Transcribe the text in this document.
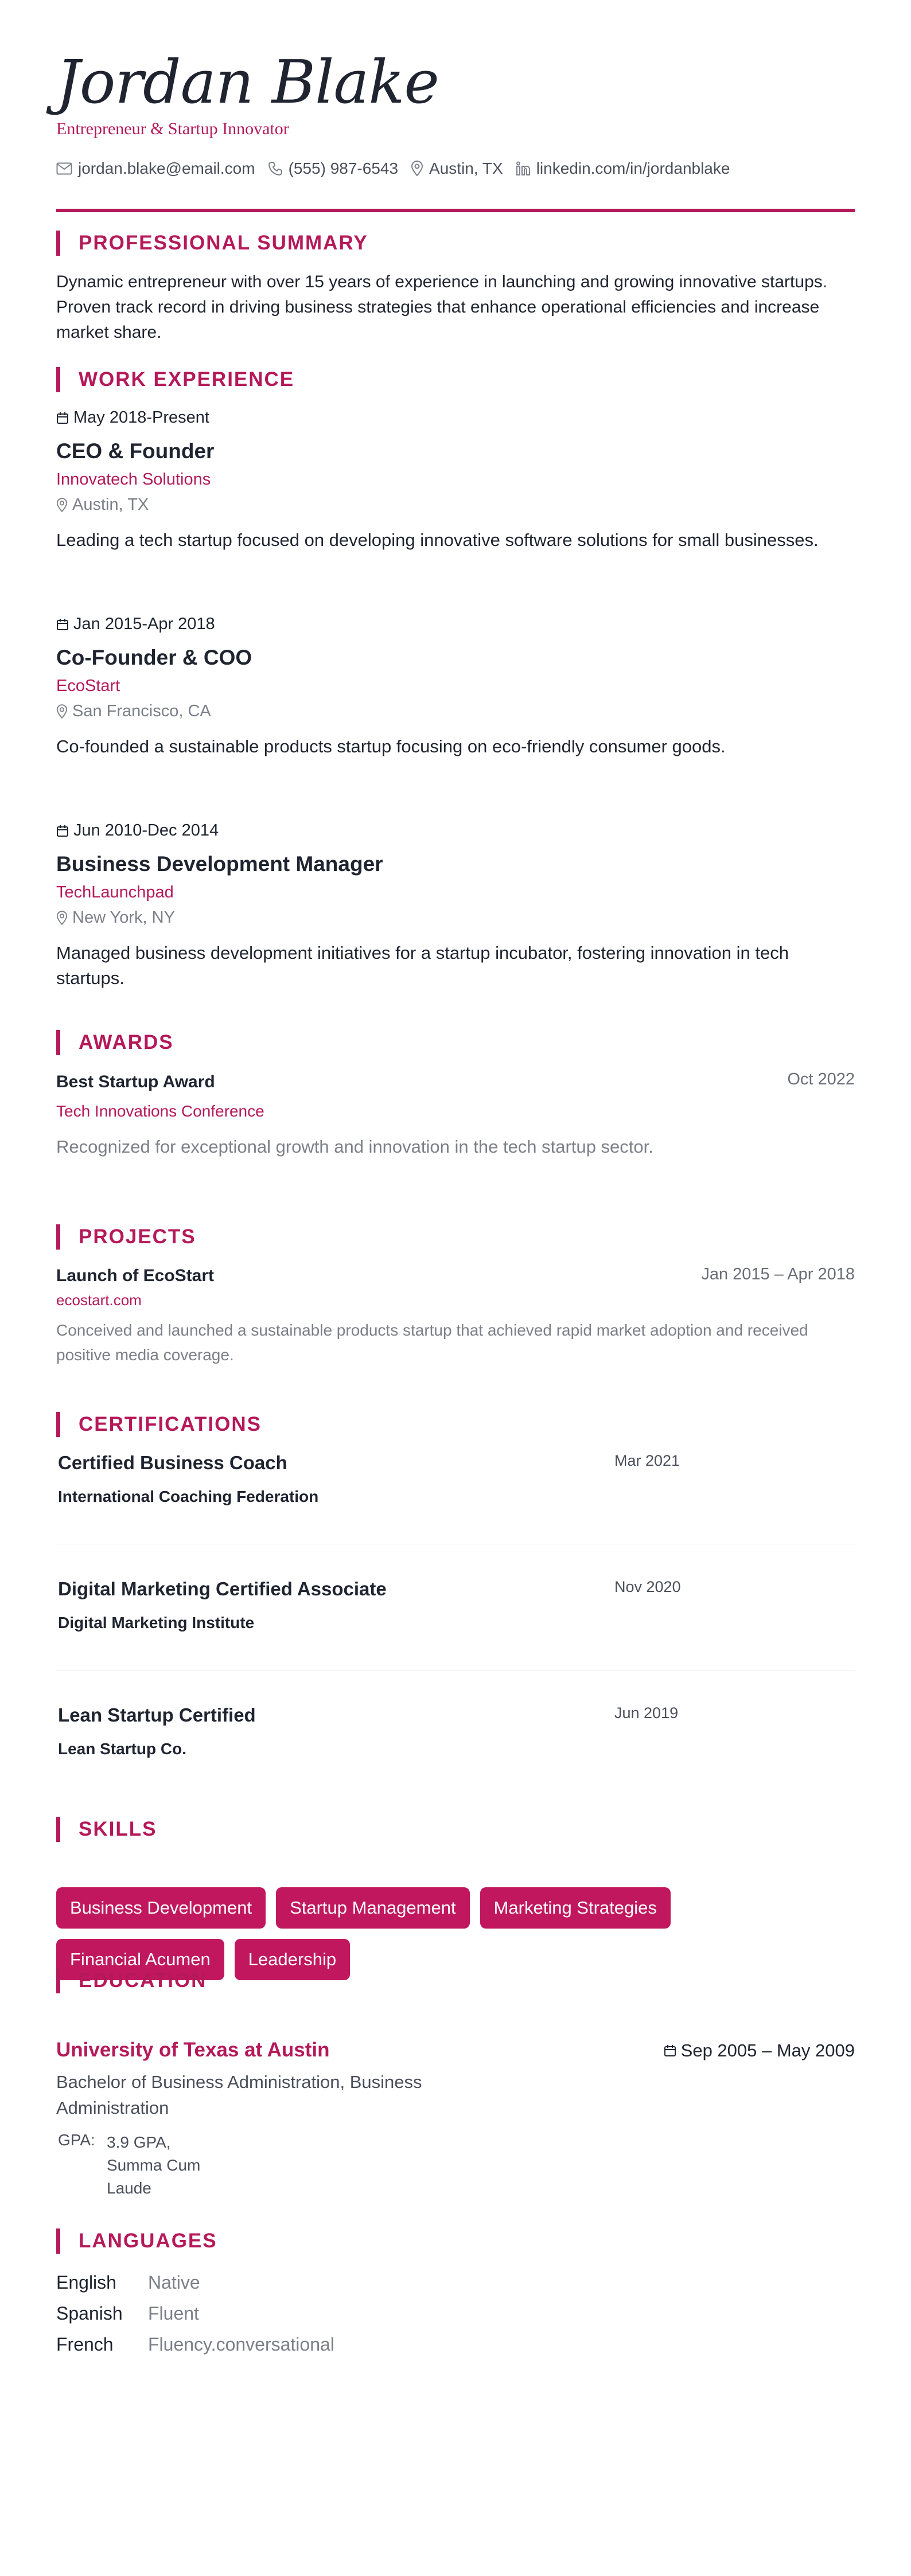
Jordan Blake
Entrepreneur & Startup Innovator
jordan.blake@email.com (555) 987-6543 Austin, TX linkedin.com/in/jordanblake
PROFESSIONAL SUMMARY
Dynamic entrepreneur with over 15 years of experience in launching and growing innovative startups. Proven track record in driving business strategies that enhance operational efficiencies and increase market share.
WORK EXPERIENCE
May 2018-Present
CEO & Founder
Innovatech Solutions
Austin, TX
Leading a tech startup focused on developing innovative software solutions for small businesses.
Jan 2015-Apr 2018
Co-Founder & COO
EcoStart
San Francisco, CA
Co-founded a sustainable products startup focusing on eco-friendly consumer goods.
Jun 2010-Dec 2014
Business Development Manager
TechLaunchpad
New York, NY
Managed business development initiatives for a startup incubator, fostering innovation in tech startups.
AWARDS
Best Startup Award	Oct 2022
Tech Innovations Conference
Recognized for exceptional growth and innovation in the tech startup sector.
PROJECTS
Launch of EcoStart	Jan 2015 – Apr 2018
ecostart.com
Conceived and launched a sustainable products startup that achieved rapid market adoption and received positive media coverage.
CERTIFICATIONS
Certified Business Coach	Mar 2021
International Coaching Federation
Digital Marketing Certified Associate	Nov 2020
Digital Marketing Institute
Lean Startup Certified	Jun 2019
Lean Startup Co.
SKILLS
Business Development	Startup Management	Marketing Strategies
Financial Acumen	Leadership
EDUCATION
University of Texas at Austin	Sep 2005 – May 2009
Bachelor of Business Administration, Business Administration
GPA: 3.9 GPA, Summa Cum Laude
LANGUAGES
English	Native
Spanish	Fluent
French	Fluency.conversational
